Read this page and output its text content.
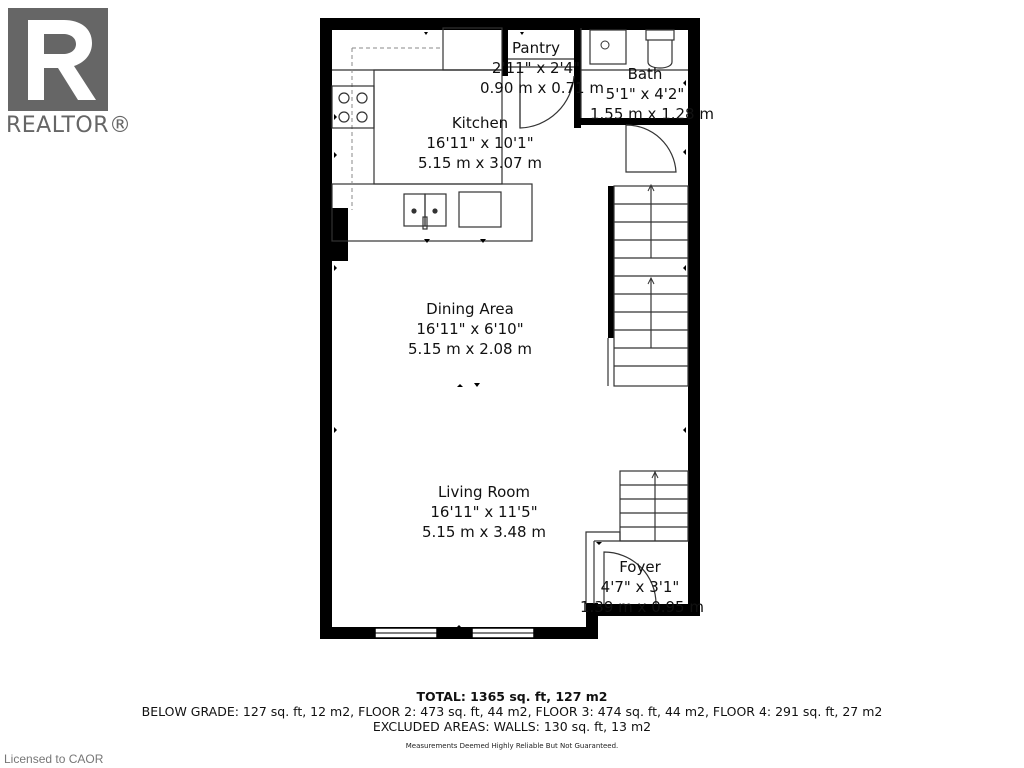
REALTOR®
Pantry
2'11" x 2'4"
0.90 m x 0.71 m
Bath
5'1" x 4'2"
1.55 m x 1.28 m
Kitchen
16'11" x 10'1"
5.15 m x 3.07 m
Dining Area
16'11" x 6'10"
5.15 m x 2.08 m
Living Room
16'11" x 11'5"
5.15 m x 3.48 m
Foyer
4'7" x 3'1"
1.39 m x 0.95 m
TOTAL: 1365 sq. ft, 127 m2
BELOW GRADE: 127 sq. ft, 12 m2, FLOOR 2: 473 sq. ft, 44 m2, FLOOR 3: 474 sq. ft, 44 m2, FLOOR 4: 291 sq. ft, 27 m2
EXCLUDED AREAS: WALLS: 130 sq. ft, 13 m2
Measurements Deemed Highly Reliable But Not Guaranteed.
Licensed to CAOR
